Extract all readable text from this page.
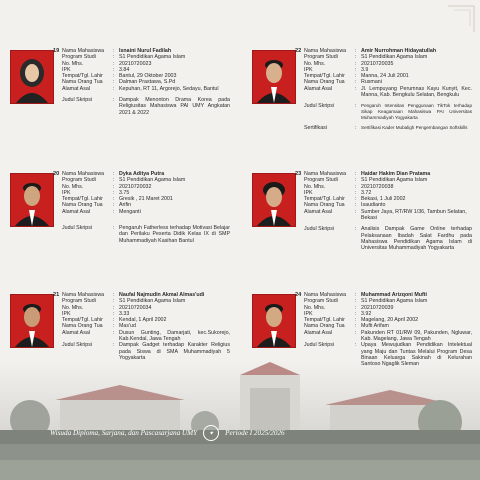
19 Nama Mahasiswa	: Isnaini Nurul Fadilah
Program Studi	: S1 Pendidikan Agama Islam
No. Mhs.	: 20210720023
IPK	: 3.84
Tempat/Tgl. Lahir	: Bantul, 29 Oktober 2003
Nama Orang Tua	: Dalman Prastawa, S.Pd
Alamat Asal	: Kepuhan, RT 11, Argorejo, Sedayu, Bantul
Judul Skripsi	: Dampak Menonton Drama Korea pada Religiusitas Mahasiswa PAI UMY Angkatan 2021 & 2022
22 Nama Mahasiswa	: Amir Nurrohman Hidayatullah
Program Studi	: S1 Pendidikan Agama Islam
No. Mhs.	: 20210720035
IPK	: 3.9
Tempat/Tgl. Lahir	: Manna, 24 Juli 2001
Nama Orang Tua	: Rusmani
Alamat Asal	: Jl. Lempuyang Perumnas Kayu Kunyit, Kec. Manna, Kab. Bengkulu Selatan, Bengkulu
Judul Skripsi	: Pengaruh Intensitas Penggunaan TikTok terhadap Sikap Keagamaan Mahasiswa PAI Universitas Muhammadiyah Yogyakarta
Sertifikasi	: Sertifikasi Kader Mubaligh Pengembangan Softskills
20 Nama Mahasiswa	: Dyka Aditya Putra
Program Studi	: S1 Pendidikan Agama Islam
No. Mhs.	: 20210720032
IPK	: 3.75
Tempat/Tgl. Lahir	: Gresik , 21 Maret 2001
Nama Orang Tua	: Arifin
Alamat Asal	: Menganti
Judul Skripsi	: Pengaruh Fatherless terhadap Motivasi Belajar dan Perilaku Peserta Didik Kelas IX di SMP Muhammadiyah Kasihan Bantul
23 Nama Mahasiswa	: Haidar Hakim Dian Pratama
Program Studi	: S1 Pendidikan Agama Islam
No. Mhs.	: 20210720038
IPK	: 3.72
Tempat/Tgl. Lahir	: Bekasi, 1 Juli 2002
Nama Orang Tua	: Isaudianto
Alamat Asal	: Sumber Jaya, RT/RW 1/36, Tambun Selatan, Bekasi
Judul Skripsi	: Analisis Dampak Game Online terhadap Pelaksanaan Ibadah Salat Fardhu pada Mahasiswa Pendidikan Agama Islam di Universitas Muhammadiyah Yogyakarta
21 Nama Mahasiswa	: Naufal Najmudin Akmal Almas'udi
Program Studi	: S1 Pendidikan Agama Islam
No. Mhs.	: 20210720034
IPK	: 3.33
Tempat/Tgl. Lahir	: Kendal, 1 April 2002
Nama Orang Tua	: Mas'ud
Alamat Asal	: Dusun Gunting, Damarjati, kec.Sukorejo, Kab.Kendal, Jawa Tengah
Judul Skripsi	: Dampak Gadget terhadap Karakter Religius pada Siswa di SMA Muhammadiyah 5 Yogyakarta
24 Nama Mahasiswa	: Muhammad Arizqoni Mufti
Program Studi	: S1 Pendidikan Agama Islam
No. Mhs.	: 20210720039
IPK	: 3.92
Tempat/Tgl. Lahir	: Magelang, 20 April 2002
Nama Orang Tua	: Mufti Arifam
Alamat Asal	: Pakunden RT 01/RW 09, Pakunden, Ngluwar, Kab. Magelang, Jawa Tengah
Judul Skripsi	: Upaya Mewujudkan Pendidikan Intelektual yang Maju dan Tuntas Melalui Program Desa Binaan Keluarga Sakinah di Kelurahan Santoso Ngaglik Sleman
Wisuda Diploma, Sarjana, dan Pascasarjana UMY	✦	Periode I 2025/2026
